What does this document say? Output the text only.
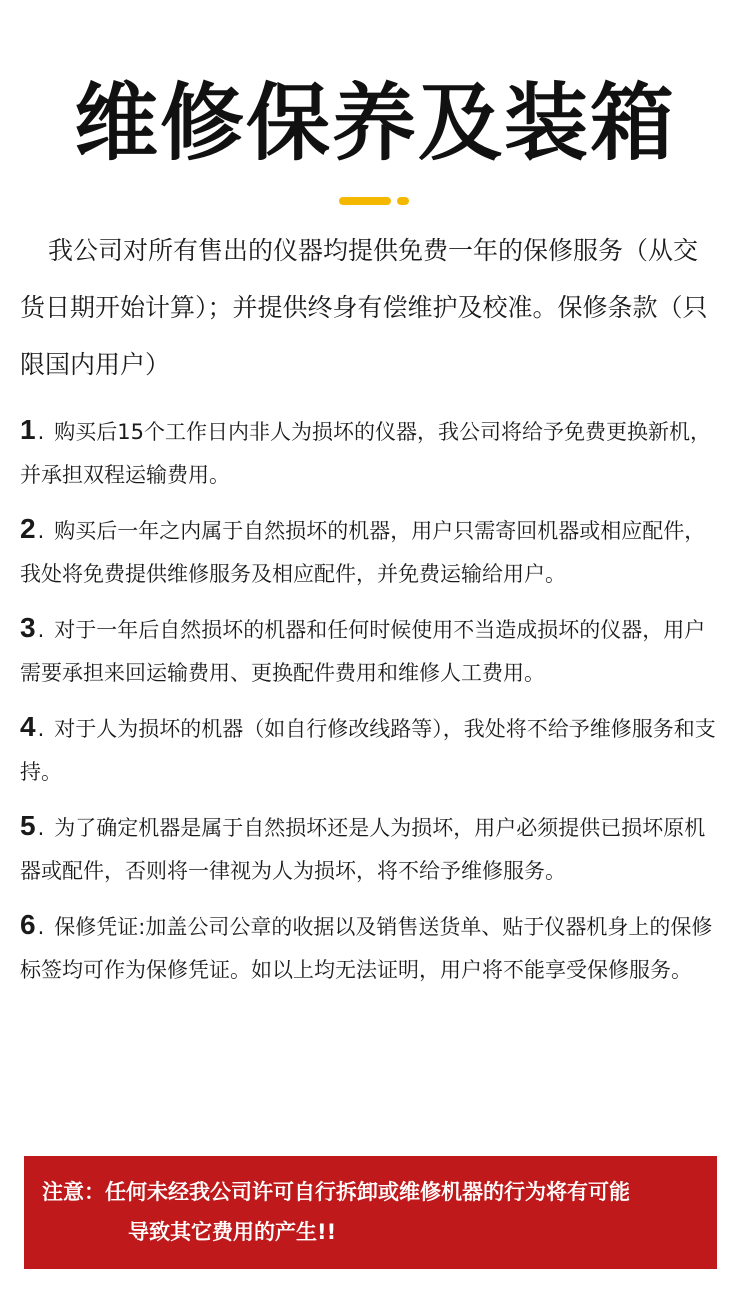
维修保养及装箱
我公司对所有售出的仪器均提供免费一年的保修服务（从交货日期开始计算）；并提供终身有偿维护及校准。保修条款（只限国内用户）
1. 购买后15个工作日内非人为损坏的仪器，我公司将给予免费更换新机，并承担双程运输费用。
2. 购买后一年之内属于自然损坏的机器，用户只需寄回机器或相应配件，我处将免费提供维修服务及相应配件，并免费运输给用户。
3. 对于一年后自然损坏的机器和任何时候使用不当造成损坏的仪器，用户需要承担来回运输费用、更换配件费用和维修人工费用。
4. 对于人为损坏的机器（如自行修改线路等），我处将不给予维修服务和支持。
5. 为了确定机器是属于自然损坏还是人为损坏，用户必须提供已损坏原机器或配件，否则将一律视为人为损坏，将不给予维修服务。
6. 保修凭证:加盖公司公章的收据以及销售送货单、贴于仪器机身上的保修标签均可作为保修凭证。如以上均无法证明，用户将不能享受保修服务。
注意：任何未经我公司许可自行拆卸或维修机器的行为将有可能
导致其它费用的产生!!
